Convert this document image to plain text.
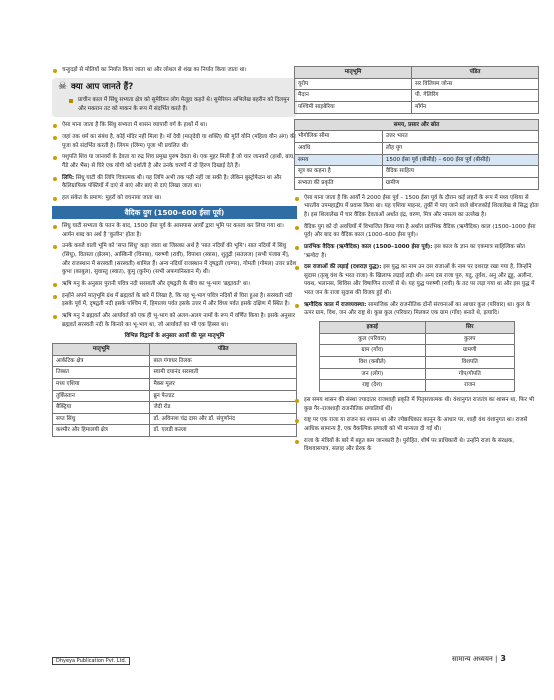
चन्हुदड़ो से मोतियों का निर्यात किया जाता था और लोथल से शंख का निर्यात किया जाता था।
☠ क्या आप जानते हैं?

प्राचीन काल में सिंधु सभ्यता क्षेत्र को सुमेरियन लोग मेलूहा कहते थे। सुमेरियन अभिलेख बहरीन को दिलमुन और मकरान तट को माकन के रूप में संदर्भित करते हैं।

ऐसा माना जाता है कि सिंधु सभ्यता में शासन व्यापारी वर्ग के हाथों में था।
जहां तक धर्म का संबंध है, कोई मंदिर नहीं मिला है। माँ देवी (मातृदेवी या शक्ति) की मूर्ति योनि (महिला यौन अंग) की पूजा को संदर्भित करती है। लिंगम (लिंग्म) पूजा भी प्रचलित थी।
पशुपति शिव या जानवरों के देवता या रुद्र शिव प्रमुख पुरुष देवता थे। एक मुहर मिली है जो चार जानवरों (हाथी, बाघ, गैंडे और भैंस) से घिरे एक योगी को दर्शाती है और उनके चरणों में दो हिरण दिखाई देते हैं।
लिपि: सिंधु घाटी की लिपि चित्रात्मक थी। यह लिपि अभी तक पढ़ी नहीं जा सकी है। लेकिन बुस्ट्रोफेडन था और कैलिग्राफिक पंक्तियों में दाएं से बाएं और बाएं से दाएं लिखा जाता था।
हल संकेत के प्रमाण: मुहरों को वचनाया जाता था।
वैदिक युग (1500–600 ईसा पूर्व)
सिंधु घाटी सभ्यता के पतन के बाद, 1500 ईसा पूर्व के आसपास आर्यों द्वारा भूमि पर कब्जा कर लिया गया था। आर्यन शब्द का अर्थ है 'कुलीन' होता है।
उनके कब्जे वाली भूमि को 'सप्त सिंधु' कहा जाता था जिसका अर्थ है 'सात नदियों की भूमि'। सात नदियों में सिंधु (सिंधु), वितस्ता (झेलम), आस्किनी (चिनाब), परुष्णी (रावी), विपाशा (ब्यास), शुतुद्री (सतलज) [सभी पंजाब में], और राजस्थान में सरस्वती (सरस्वती) शामिल हैं। अन्य नदियाँ राजस्थान में दृषद्वती (घग्गर), गोमती (गोमल) उत्तर प्रदेश कुभा (काबुल), सुवास्तु (स्वात), कुमु (कुर्रम) (सभी अफगानिस्तान में) थी।
ऋषि मनु के अनुसार पुरानी पवित्र नदी सरस्वती और दृषद्वती के बीच का भू-भाग 'ब्रह्मावर्त' था।
इन्होंने अपने मातृभूमि ग्रंथ में ब्रह्मवर्त के बारे में लिखा है, कि यह भू-भाग पवित्र नदियों से घिरा हुआ है। सरस्वती नदी इसके पूर्व में, दृषद्वती नदी इसके पश्चिम में, हिमालय पर्वत इसके उत्तर में और विंध्य पर्वत इसके दक्षिण में स्थित है।
ऋषि मनु ने ब्रह्मवर्त और आर्यावर्त को एक ही भू-भाग को अलग-अलग नामों के रूप में वर्णित किया है। इसके अनुसार ब्रह्मवर्त सरस्वती नदी के किनारे का भू-भाग था, जो आर्यावर्त का भी एक हिस्सा था।
विभिन्न विद्वानों के अनुसार आर्यों की मूल मातृभूमि
मातृभूमि	पंडित
आर्कटिक क्षेत्र	बाल गंगाधर तिलक
तिब्बत	स्वामी दयानंद सरस्वती
मध्य एशिया	मैक्स मूलर
तुर्किस्तान	ब्रुन फेल्डट
बैक्ट्रिया	जेदी रोड
सप्त सिंधु	डॉ. अविनाश चंद्र दास और डॉ. संपूर्णानंद
कश्मीर और हिमालयी क्षेत्र	डॉ. एलडी कल्ला
मातृभूमि	पंडित
यूरोप	सर विलियम जोन्स
मैदान	पी. गेलिरिंग
पश्चिमी साइबेरिया	मॉर्गन
समय, प्रसार और स्रोत	
भौगोलिक सीमा	उत्तर भारत
अवधि	लौह युग
समय	1500 ईसा पूर्व (बीसीई) – 600 ईसा पूर्व (बीसीई)
सूत्र का कहना है	वैदिक साहित्य
सभ्यता की प्रकृति	ग्रामीण
ऐसा माना जाता है कि आर्यों ने 2000 ईसा पूर्व – 1500 ईसा पूर्व के दौरान कई लहरों के रूप में मध्य एशिया से भारतीय उपमहाद्वीप में प्रवास किया था। यह एशिया माइनर, तुर्की में पाए जाने वाले बोगजकोई शिलालेख से सिद्ध होता है। इस शिलालेख में चार वैदिक देवताओं अर्थात इंद्र, वरुण, मित्र और नासत्य का उल्लेख है।
वैदिक युग को दो अवधियों में विभाजित किया गया है अर्थात प्रारंभिक वैदिक (ऋग्वैदिक) काल (1500–1000 ईसा पूर्व) और बाद का वैदिक काल (1000–600 ईसा पूर्व)।
प्रारंभिक वैदिक (ऋग्वैदिक) काल (1500–1000 ईसा पूर्व): इस काल के ज्ञान का एकमात्र साहित्यिक स्रोत 'ऋग्वेद' है।
दस राजाओं की लड़ाई (दशराज्ञ युद्ध): इस युद्ध का नाम उन दस राजाओं के नाम पर दशराज्ञ रखा गया है, जिन्होंने सुदास (तृत्सु वंश के भरत राजा) के खिलाफ लड़ाई लड़ी थी। अन्य दस राजा पुरु, यदु, तुर्वश, अनु और द्रुहु, अलीना, पक्थ, भलानस, शिविस और विषाणिन राज्यों से थे। यह युद्ध परुष्णी (रावी) के तट पर लड़ा गया था और इस युद्ध में भरत जन के राजा सुदास की विजय हुई थी।
ऋग्वैदिक काल में राजव्यवस्था: सामाजिक और राजनीतिक दोनों संरचनाओं का आधार कुल (परिवार) था। कुल के ऊपर ग्राम, विश, जन और राष्ट्र थे। कुछ कुल (परिवार) मिलकर एक ग्राम (गाँव) बनाते थे, इत्यादि।
इकाई	सिर
कुल (परिवार)	कुलप
ग्राम (गाँव)	ग्रामणी
विश (कबीले)	विशपति
जन (लोग)	गोप/गोपति
राष्ट्र (देश)	राजन
इस समय शासन की संस्था ज्यादातर राजशाही प्रकृति में पितृसत्तात्मक थी। वंशानुगत राजतंत्र का शासन था, फिर भी कुछ गैर–राजशाही राजनीतिक प्रणालियाँ थीं।
राष्ट्र पर एक राजा या राजन का शासन था और ज्येष्ठाधिकार कानून के आधार पर, शाही वंश वंशानुगत था। राजसे आधिक सामान्य है, एक वैकल्पिक प्रणाली को भी मान्यता दी गई थी।
राजा के मंत्रियों के बारे में बहुत कम जानकारी है। पुरोहित, शीर्ष पर प्राधिकारी थे। उन्होंने राजा के संरक्षक, विशवासपात्र, सलाह और प्रेरक के
Dhyeya Publication Pvt. Ltd.	सामान्य अध्ययन | 3
